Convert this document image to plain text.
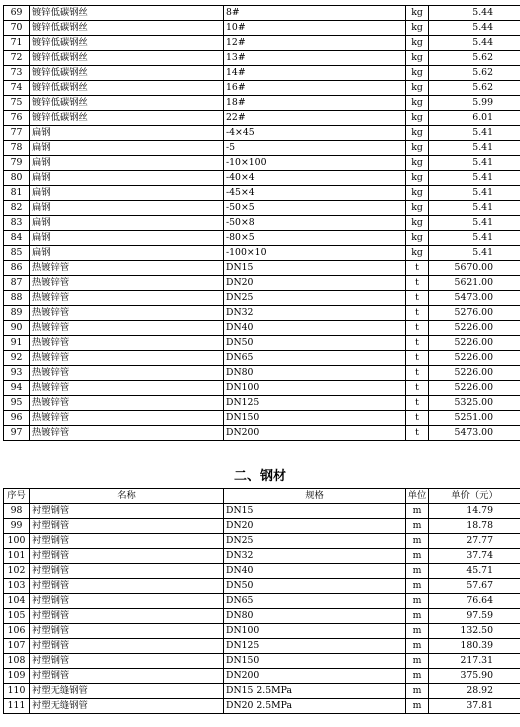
69	镀锌低碳钢丝	8#	kg	5.44
70	镀锌低碳钢丝	10#	kg	5.44
71	镀锌低碳钢丝	12#	kg	5.44
72	镀锌低碳钢丝	13#	kg	5.62
73	镀锌低碳钢丝	14#	kg	5.62
74	镀锌低碳钢丝	16#	kg	5.62
75	镀锌低碳钢丝	18#	kg	5.99
76	镀锌低碳钢丝	22#	kg	6.01
77	扁钢	-4×45	kg	5.41
78	扁钢	-5	kg	5.41
79	扁钢	-10×100	kg	5.41
80	扁钢	-40×4	kg	5.41
81	扁钢	-45×4	kg	5.41
82	扁钢	-50×5	kg	5.41
83	扁钢	-50×8	kg	5.41
84	扁钢	-80×5	kg	5.41
85	扁钢	-100×10	kg	5.41
86	热镀锌管	DN15	t	5670.00
87	热镀锌管	DN20	t	5621.00
88	热镀锌管	DN25	t	5473.00
89	热镀锌管	DN32	t	5276.00
90	热镀锌管	DN40	t	5226.00
91	热镀锌管	DN50	t	5226.00
92	热镀锌管	DN65	t	5226.00
93	热镀锌管	DN80	t	5226.00
94	热镀锌管	DN100	t	5226.00
95	热镀锌管	DN125	t	5325.00
96	热镀锌管	DN150	t	5251.00
97	热镀锌管	DN200	t	5473.00
二、钢材
序号	名称	规格	单位	单价（元）
98	衬塑钢管	DN15	m	14.79
99	衬塑钢管	DN20	m	18.78
100	衬塑钢管	DN25	m	27.77
101	衬塑钢管	DN32	m	37.74
102	衬塑钢管	DN40	m	45.71
103	衬塑钢管	DN50	m	57.67
104	衬塑钢管	DN65	m	76.64
105	衬塑钢管	DN80	m	97.59
106	衬塑钢管	DN100	m	132.50
107	衬塑钢管	DN125	m	180.39
108	衬塑钢管	DN150	m	217.31
109	衬塑钢管	DN200	m	375.90
110	衬塑无缝钢管	DN15 2.5MPa	m	28.92
111	衬塑无缝钢管	DN20 2.5MPa	m	37.81
